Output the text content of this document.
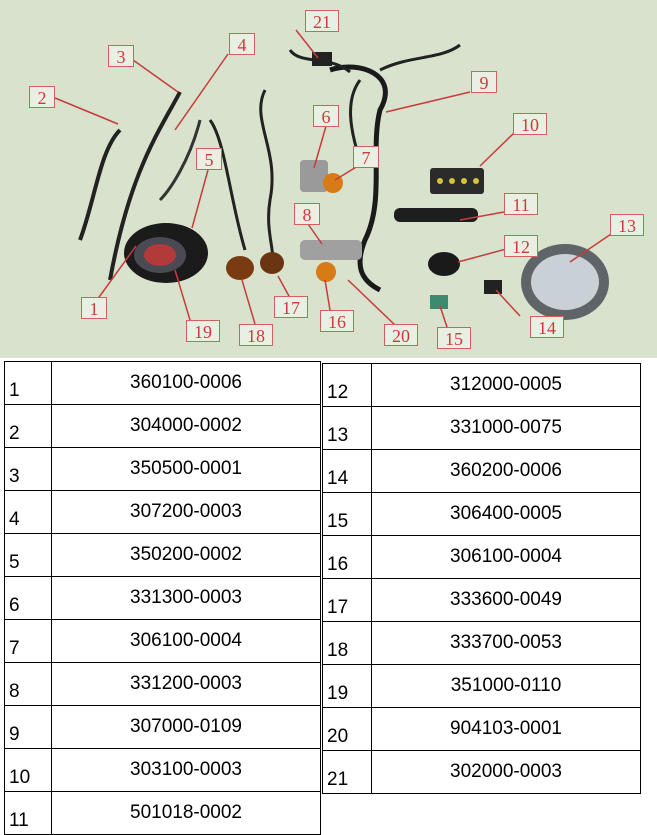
1
2
3
4
5
6
7
8
9
10
11
12
13
14
15
16
17
18
19	20
21
1	360100-0006
2	304000-0002
3	350500-0001
4	307200-0003
5	350200-0002
6	331300-0003
7	306100-0004
8	331200-0003
9	307000-0109
10	303100-0003
11	501018-0002
12	312000-0005
13	331000-0075
14	360200-0006
15	306400-0005
16	306100-0004
17	333600-0049
18	333700-0053
19	351000-0110
20	904103-0001
21	302000-0003
